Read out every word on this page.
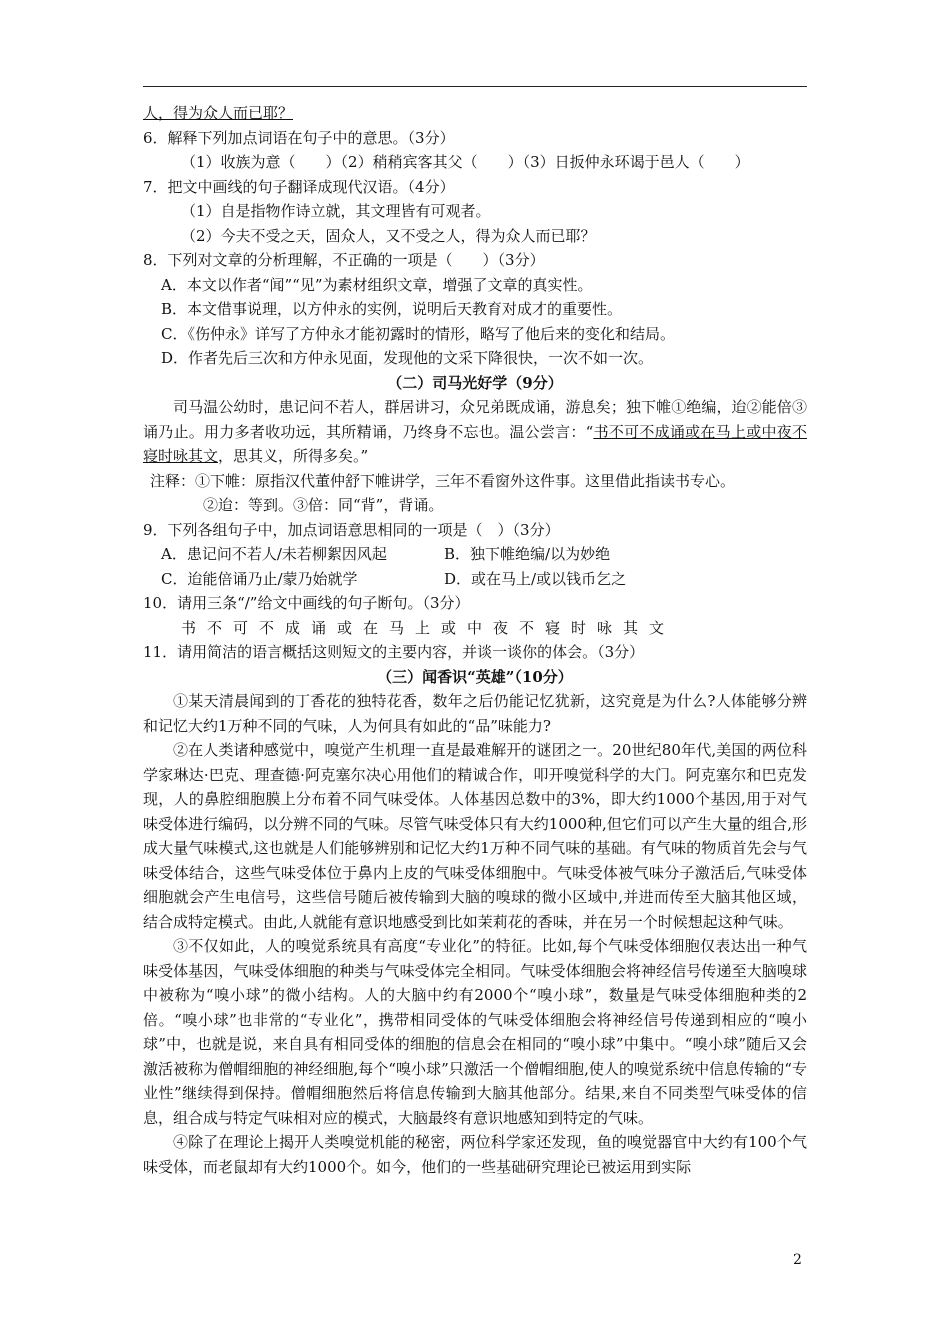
人，得为众人而已耶？
6．解释下列加点词语在句子中的意思。（3分）
（1）收族为意（　　）（2）稍稍宾客其父（　　）（3）日扳仲永环谒于邑人（　　）
7．把文中画线的句子翻译成现代汉语。（4分）
（1）自是指物作诗立就，其文理皆有可观者。
（2）今夫不受之天，固众人，又不受之人，得为众人而已耶？
8．下列对文章的分析理解，不正确的一项是（　　）（3分）
A．本文以作者“闻”“见”为素材组织文章，增强了文章的真实性。
B．本文借事说理，以方仲永的实例，说明后天教育对成才的重要性。
C．《伤仲永》详写了方仲永才能初露时的情形，略写了他后来的变化和结局。
D．作者先后三次和方仲永见面，发现他的文采下降很快，一次不如一次。
（二）司马光好学（9分）
司马温公幼时，患记问不若人，群居讲习，众兄弟既成诵，游息矣；独下帷①绝编，迨②能倍③诵乃止。用力多者收功远，其所精诵，乃终身不忘也。温公尝言：“书不可不成诵或在马上或中夜不寝时咏其文，思其义，所得多矣。”
注释：①下帷：原指汉代董仲舒下帷讲学，三年不看窗外这件事。这里借此指读书专心。
②迨：等到。③倍：同“背”，背诵。
9．下列各组句子中，加点词语意思相同的一项是（　）（3分）
A．患记问不若人/未若柳絮因风起	B．独下帷绝编/以为妙绝
C．迨能倍诵乃止/蒙乃始就学	D．或在马上/或以钱币乞之
10．请用三条“/”给文中画线的句子断句。（3分）
书不可不成诵或在马上或中夜不寝时咏其文
11．请用简洁的语言概括这则短文的主要内容，并谈一谈你的体会。（3分）
（三）闻香识“英雄”（10分）
①某天清晨闻到的丁香花的独特花香，数年之后仍能记忆犹新，这究竟是为什么?人体能够分辨和记忆大约1万种不同的气味，人为何具有如此的“品”味能力?
②在人类诸种感觉中，嗅觉产生机理一直是最难解开的谜团之一。20世纪80年代,美国的两位科学家琳达·巴克、理查德·阿克塞尔决心用他们的精诚合作，叩开嗅觉科学的大门。阿克塞尔和巴克发现，人的鼻腔细胞膜上分布着不同气味受体。人体基因总数中的3%，即大约1000个基因,用于对气味受体进行编码，以分辨不同的气味。尽管气味受体只有大约1000种,但它们可以产生大量的组合,形成大量气味模式,这也就是人们能够辨别和记忆大约1万种不同气味的基础。有气味的物质首先会与气味受体结合，这些气味受体位于鼻内上皮的气味受体细胞中。气味受体被气味分子激活后,气味受体细胞就会产生电信号，这些信号随后被传输到大脑的嗅球的微小区域中,并进而传至大脑其他区域，结合成特定模式。由此,人就能有意识地感受到比如茉莉花的香味，并在另一个时候想起这种气味。
③不仅如此，人的嗅觉系统具有高度“专业化”的特征。比如,每个气味受体细胞仅表达出一种气味受体基因，气味受体细胞的种类与气味受体完全相同。气味受体细胞会将神经信号传递至大脑嗅球中被称为“嗅小球”的微小结构。人的大脑中约有2000个“嗅小球”，数量是气味受体细胞种类的2倍。“嗅小球”也非常的“专业化”，携带相同受体的气味受体细胞会将神经信号传递到相应的“嗅小球”中，也就是说，来自具有相同受体的细胞的信息会在相同的“嗅小球”中集中。“嗅小球”随后又会激活被称为僧帽细胞的神经细胞,每个“嗅小球”只激活一个僧帽细胞,使人的嗅觉系统中信息传输的“专业性”继续得到保持。僧帽细胞然后将信息传输到大脑其他部分。结果,来自不同类型气味受体的信息，组合成与特定气味相对应的模式，大脑最终有意识地感知到特定的气味。
④除了在理论上揭开人类嗅觉机能的秘密，两位科学家还发现，鱼的嗅觉器官中大约有100个气味受体，而老鼠却有大约1000个。如今，他们的一些基础研究理论已被运用到实际
2
